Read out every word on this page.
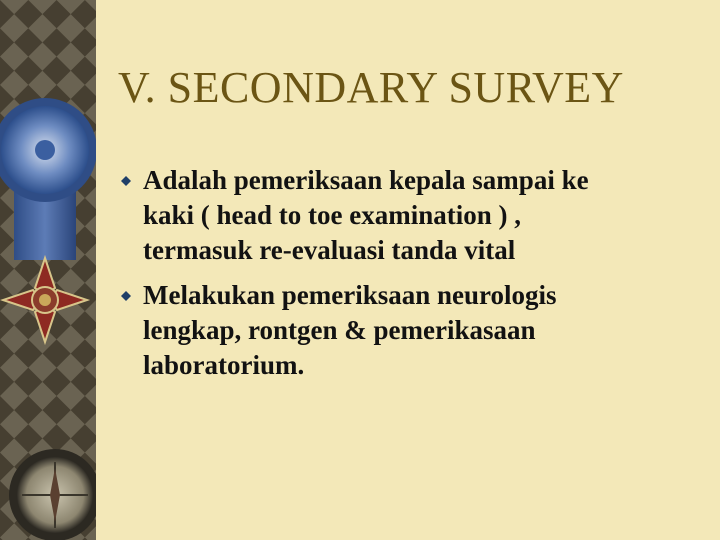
V. SECONDARY SURVEY
Adalah pemeriksaan kepala sampai ke
kaki ( head to toe examination ) ,
termasuk re-evaluasi tanda vital
Melakukan pemeriksaan neurologis
lengkap, rontgen & pemerikasaan
laboratorium.
